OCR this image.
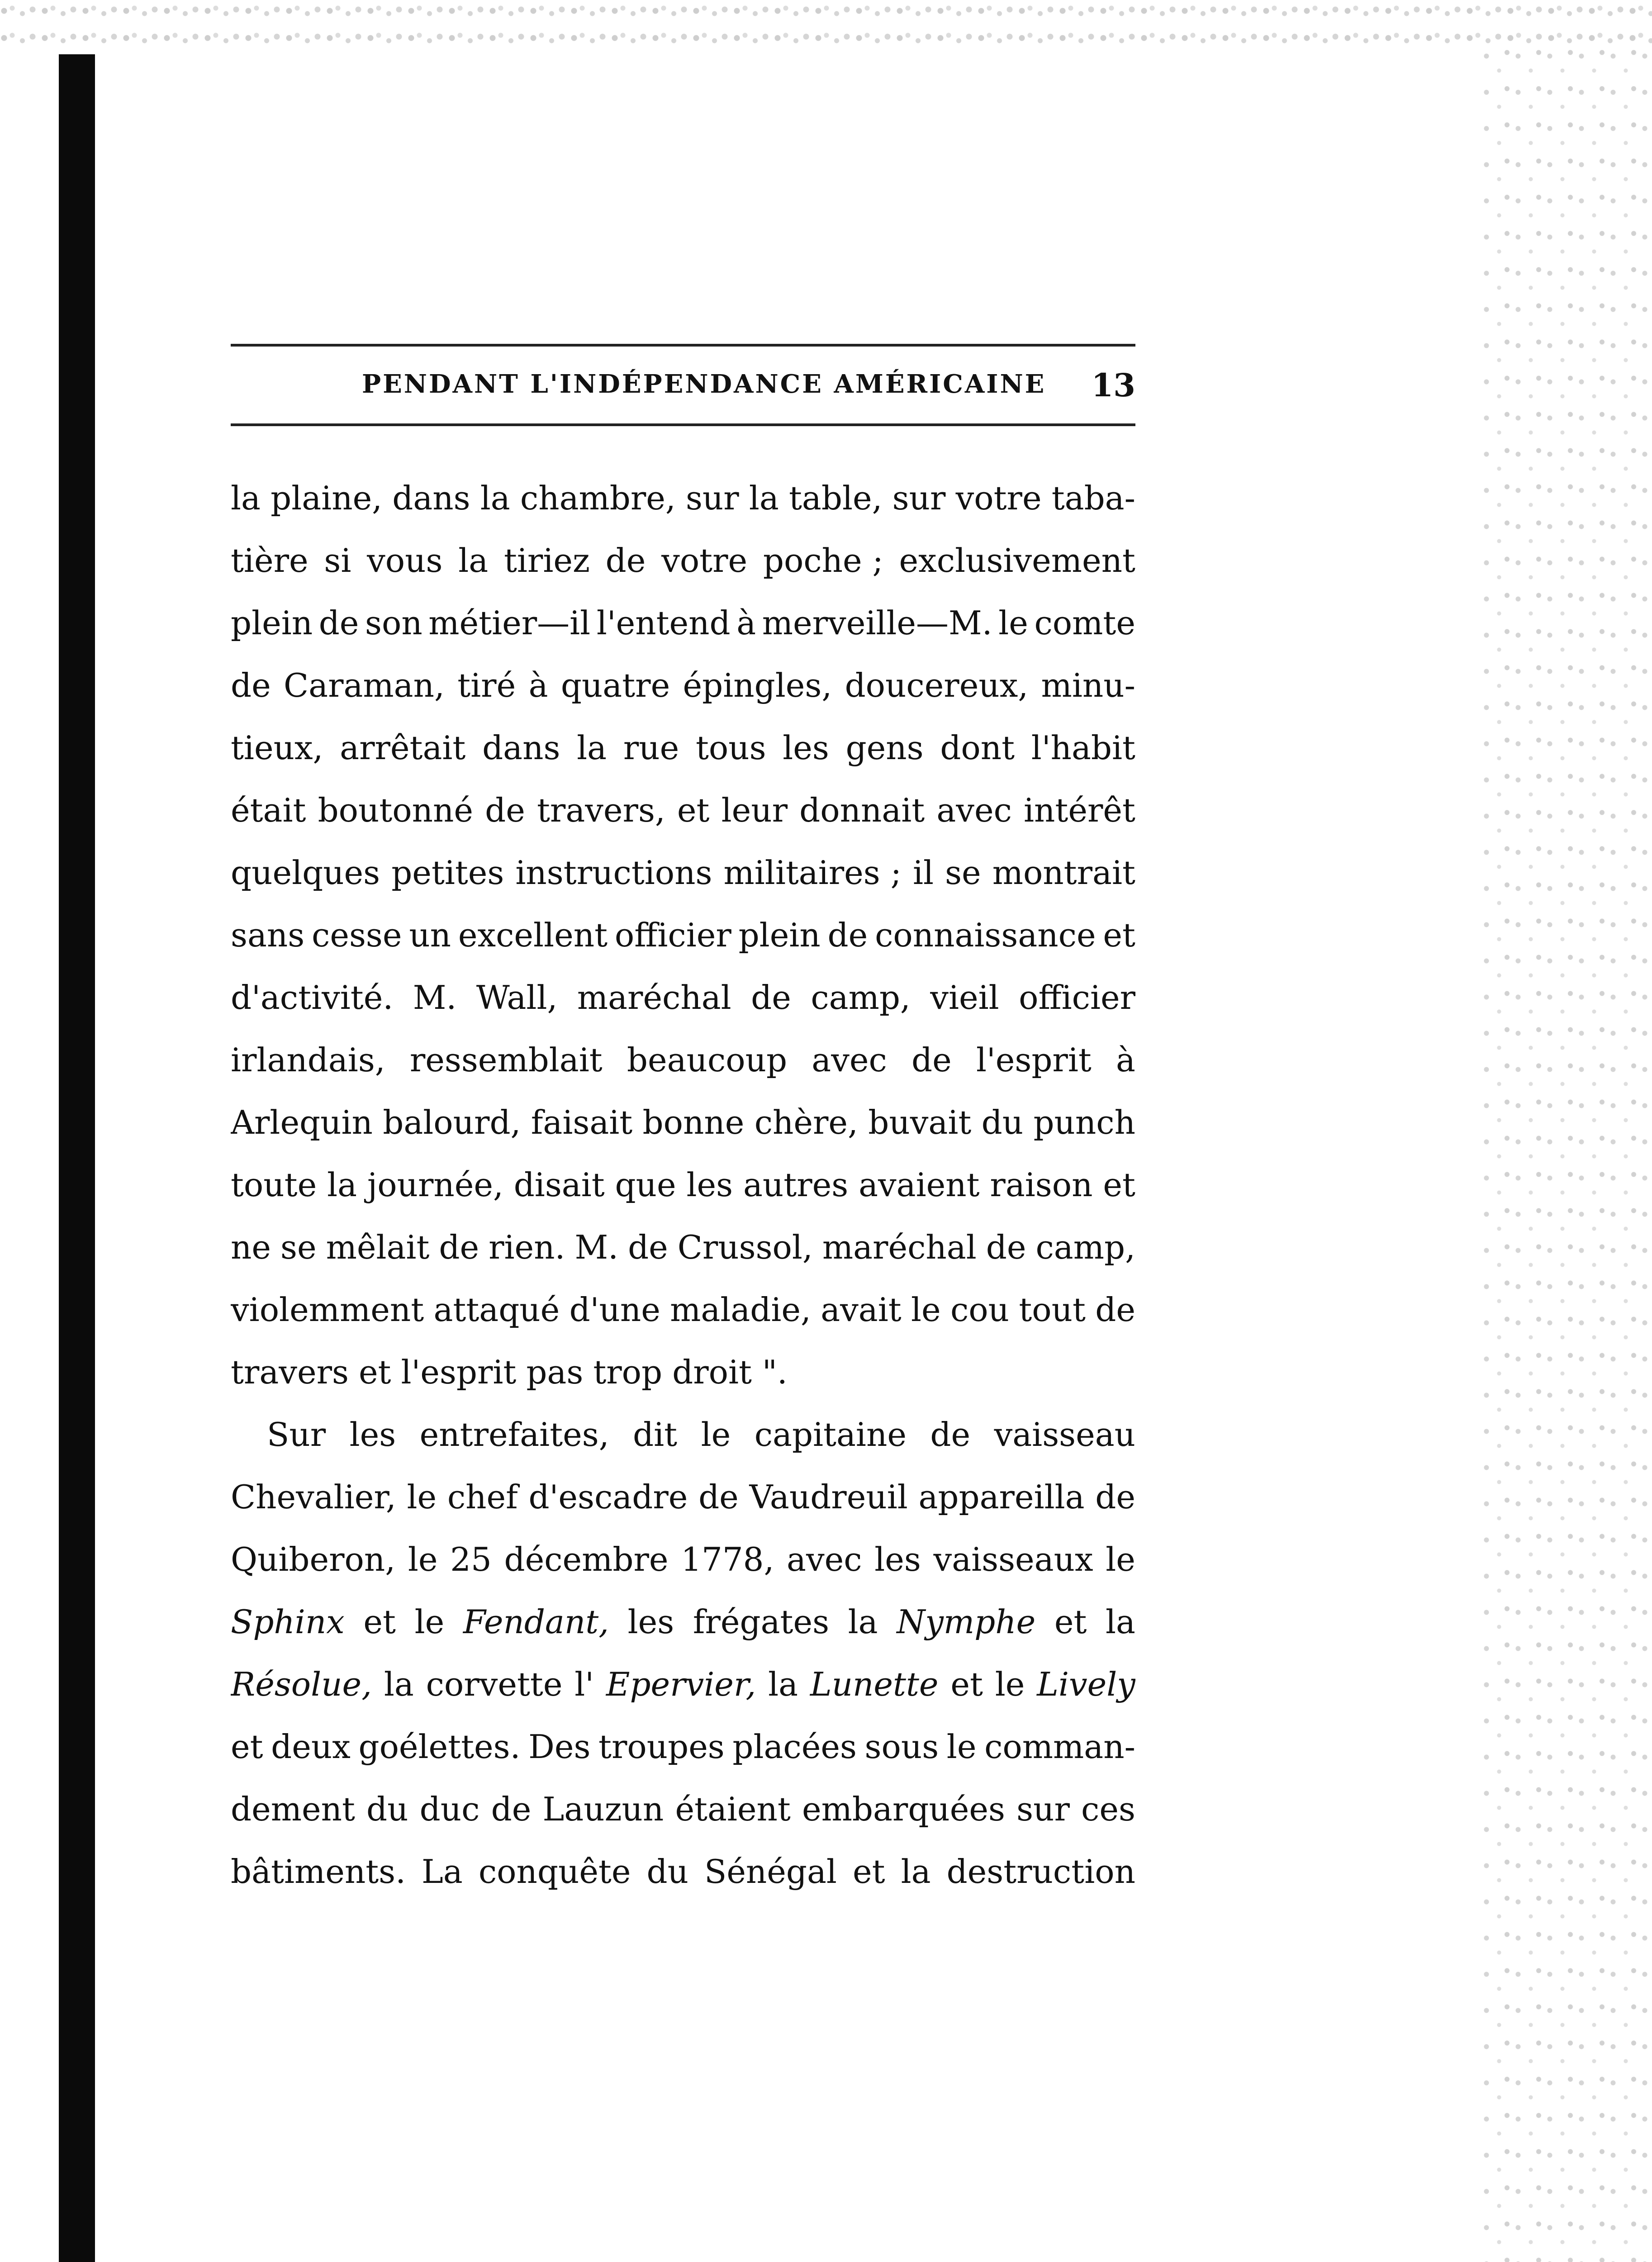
PENDANT L'INDÉPENDANCE AMÉRICAINE 13
la plaine, dans la chambre, sur la table, sur votre taba-
tière si vous la tiriez de votre poche ; exclusivement
plein de son métier—il l'entend à merveille—M. le comte
de Caraman, tiré à quatre épingles, doucereux, minu-
tieux, arrêtait dans la rue tous les gens dont l'habit
était boutonné de travers, et leur donnait avec intérêt
quelques petites instructions militaires ; il se montrait
sans cesse un excellent officier plein de connaissance et
d'activité. M. Wall, maréchal de camp, vieil officier
irlandais, ressemblait beaucoup avec de l'esprit à
Arlequin balourd, faisait bonne chère, buvait du punch
toute la journée, disait que les autres avaient raison et
ne se mêlait de rien. M. de Crussol, maréchal de camp,
violemment attaqué d'une maladie, avait le cou tout de
travers et l'esprit pas trop droit ".
Sur les entrefaites, dit le capitaine de vaisseau
Chevalier, le chef d'escadre de Vaudreuil appareilla de
Quiberon, le 25 décembre 1778, avec les vaisseaux le
Sphinx et le Fendant, les frégates la Nymphe et la
Résolue, la corvette l' Epervier, la Lunette et le Lively
et deux goélettes. Des troupes placées sous le comman-
dement du duc de Lauzun étaient embarquées sur ces
bâtiments. La conquête du Sénégal et la destruction
